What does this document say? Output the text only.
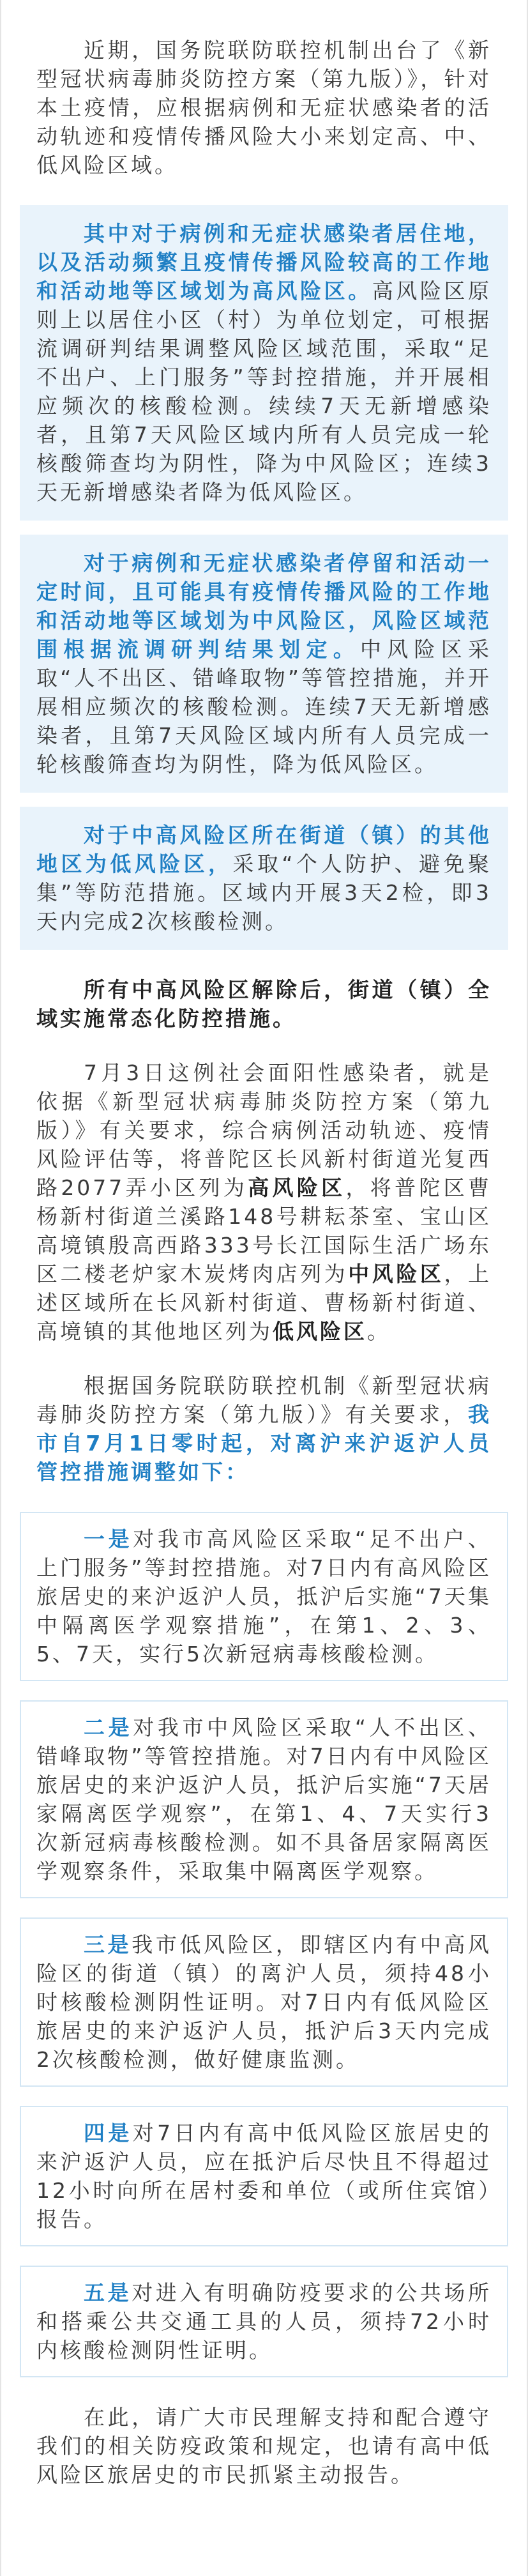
近期，国务院联防联控机制出台了《新型冠状病毒肺炎防控方案（第九版）》，针对本土疫情，应根据病例和无症状感染者的活动轨迹和疫情传播风险大小来划定高、中、低风险区域。

其中对于病例和无症状感染者居住地，以及活动频繁且疫情传播风险较高的工作地和活动地等区域划为高风险区。高风险区原则上以居住小区（村）为单位划定，可根据流调研判结果调整风险区域范围，采取“足不出户、上门服务”等封控措施，并开展相应频次的核酸检测。续续7天无新增感染者，且第7天风险区域内所有人员完成一轮核酸筛查均为阴性，降为中风险区；连续3天无新增感染者降为低风险区。

对于病例和无症状感染者停留和活动一定时间，且可能具有疫情传播风险的工作地和活动地等区域划为中风险区，风险区域范围根据流调研判结果划定。中风险区采取“人不出区、错峰取物”等管控措施，并开展相应频次的核酸检测。连续7天无新增感染者，且第7天风险区域内所有人员完成一轮核酸筛查均为阴性，降为低风险区。

对于中高风险区所在街道（镇）的其他地区为低风险区，采取“个人防护、避免聚集”等防范措施。区域内开展3天2检，即3天内完成2次核酸检测。

所有中高风险区解除后，街道（镇）全域实施常态化防控措施。

7月3日这例社会面阳性感染者，就是依据《新型冠状病毒肺炎防控方案（第九版）》有关要求，综合病例活动轨迹、疫情风险评估等，将普陀区长风新村街道光复西路2077弄小区列为高风险区，将普陀区曹杨新村街道兰溪路148号耕耘茶室、宝山区高境镇殷高西路333号长江国际生活广场东区二楼老炉家木炭烤肉店列为中风险区，上述区域所在长风新村街道、曹杨新村街道、高境镇的其他地区列为低风险区。

根据国务院联防联控机制《新型冠状病毒肺炎防控方案（第九版）》有关要求，我市自7月1日零时起，对离沪来沪返沪人员管控措施调整如下：

一是对我市高风险区采取“足不出户、上门服务”等封控措施。对7日内有高风险区旅居史的来沪返沪人员，抵沪后实施“7天集中隔离医学观察措施”，在第1、2、3、5、7天，实行5次新冠病毒核酸检测。

二是对我市中风险区采取“人不出区、错峰取物”等管控措施。对7日内有中风险区旅居史的来沪返沪人员，抵沪后实施“7天居家隔离医学观察”，在第1、4、7天实行3次新冠病毒核酸检测。如不具备居家隔离医学观察条件，采取集中隔离医学观察。

三是我市低风险区，即辖区内有中高风险区的街道（镇）的离沪人员，须持48小时核酸检测阴性证明。对7日内有低风险区旅居史的来沪返沪人员，抵沪后3天内完成2次核酸检测，做好健康监测。

四是对7日内有高中低风险区旅居史的来沪返沪人员，应在抵沪后尽快且不得超过12小时向所在居村委和单位（或所住宾馆）报告。

五是对进入有明确防疫要求的公共场所和搭乘公共交通工具的人员，须持72小时内核酸检测阴性证明。

在此，请广大市民理解支持和配合遵守我们的相关防疫政策和规定，也请有高中低风险区旅居史的市民抓紧主动报告。
